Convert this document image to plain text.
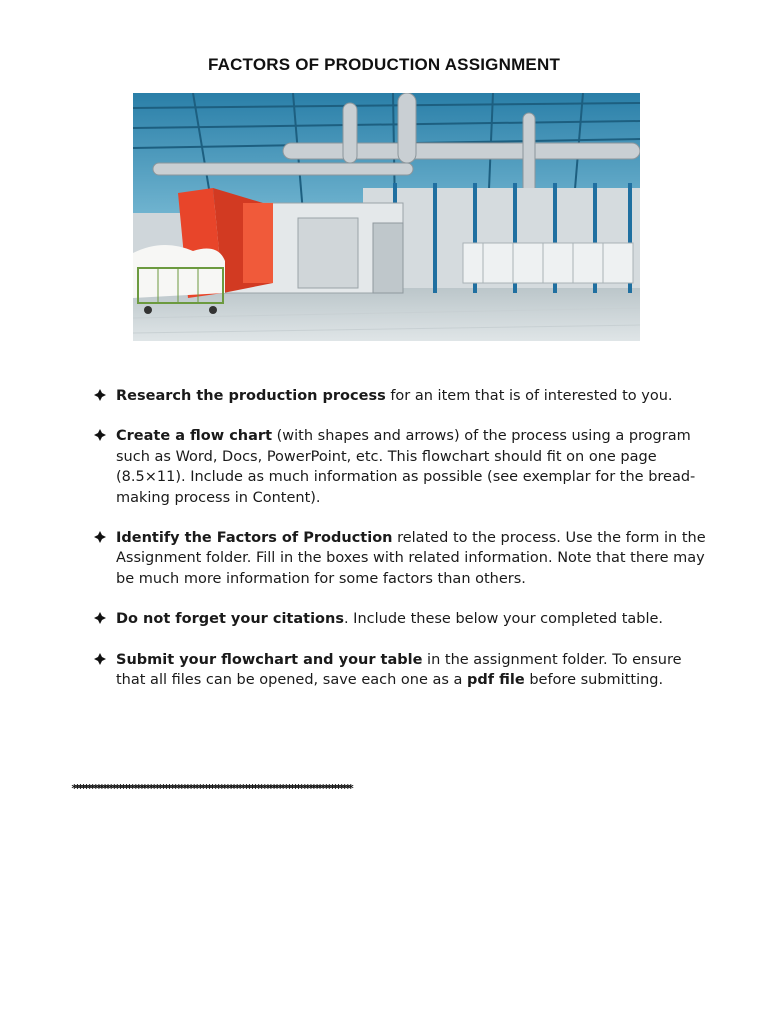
FACTORS OF PRODUCTION ASSIGNMENT
Research the production process for an item that is of interested to you.
Create a flow chart (with shapes and arrows) of the process using a program such as Word, Docs, PowerPoint, etc. This flowchart should fit on one page (8.5×11). Include as much information as possible (see exemplar for the bread-making process in Content).
Identify the Factors of Production related to the process. Use the form in the Assignment folder. Fill in the boxes with related information. Note that there may be much more information for some factors than others.
Do not forget your citations. Include these below your completed table.
Submit your flowchart and your table in the assignment folder. To ensure that all files can be opened, save each one as a pdf file before submitting.
*******************************************************************************************
